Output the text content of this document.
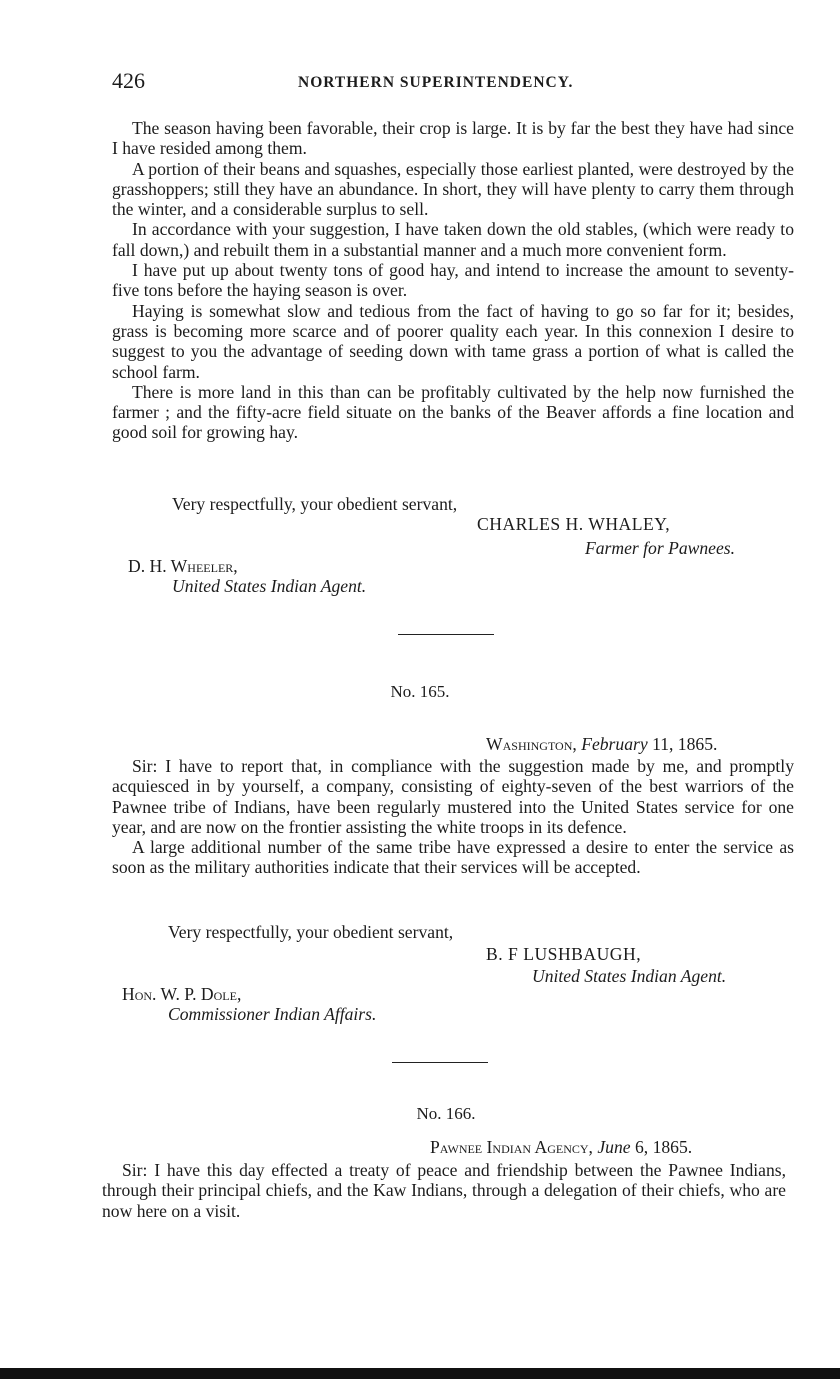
426	NORTHERN SUPERINTENDENCY.

The season having been favorable, their crop is large. It is by far the best they have had since I have resided among them.

A portion of their beans and squashes, especially those earliest planted, were destroyed by the grasshoppers; still they have an abundance. In short, they will have plenty to carry them through the winter, and a considerable surplus to sell.

In accordance with your suggestion, I have taken down the old stables, (which were ready to fall down,) and rebuilt them in a substantial manner and a much more convenient form.

I have put up about twenty tons of good hay, and intend to increase the amount to seventy-five tons before the haying season is over.

Haying is somewhat slow and tedious from the fact of having to go so far for it; besides, grass is becoming more scarce and of poorer quality each year. In this connexion I desire to suggest to you the advantage of seeding down with tame grass a portion of what is called the school farm.

There is more land in this than can be profitably cultivated by the help now furnished the farmer ; and the fifty-acre field situate on the banks of the Beaver affords a fine location and good soil for growing hay.

Very respectfully, your obedient servant,
CHARLES H. WHALEY,
Farmer for Pawnees.
D. H. Wheeler,
United States Indian Agent.
No. 165.
Washington, February 11, 1865.

Sir: I have to report that, in compliance with the suggestion made by me, and promptly acquiesced in by yourself, a company, consisting of eighty-seven of the best warriors of the Pawnee tribe of Indians, have been regularly mustered into the United States service for one year, and are now on the frontier assisting the white troops in its defence.

A large additional number of the same tribe have expressed a desire to enter the service as soon as the military authorities indicate that their services will be accepted.

Very respectfully, your obedient servant,
B. F LUSHBAUGH,
United States Indian Agent.
Hon. W. P. Dole,
Commissioner Indian Affairs.
No. 166.
Pawnee Indian Agency, June 6, 1865.

Sir: I have this day effected a treaty of peace and friendship between the Pawnee Indians, through their principal chiefs, and the Kaw Indians, through a delegation of their chiefs, who are now here on a visit.
